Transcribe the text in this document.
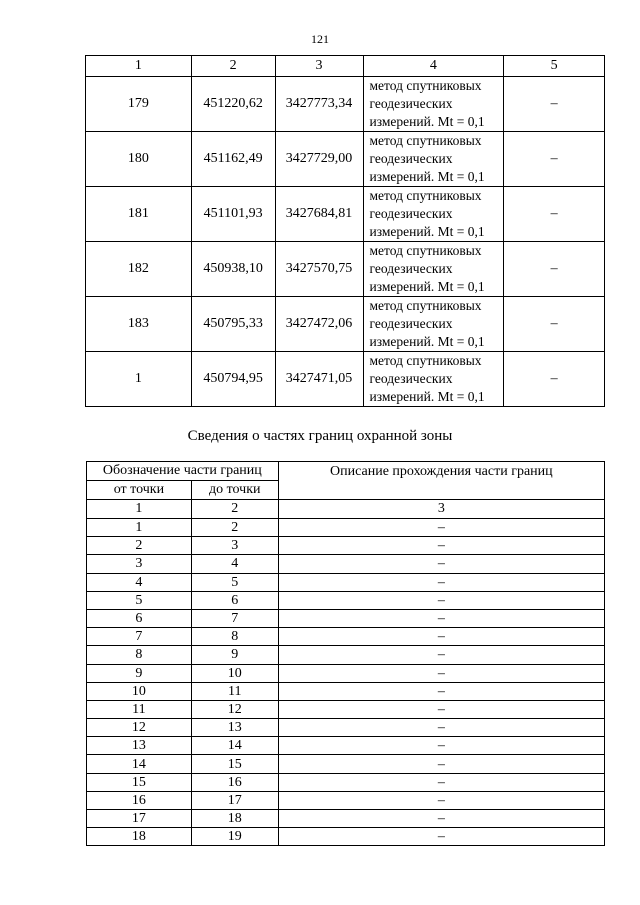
121
1	2	3	4	5
179	451220,62	3427773,34	метод спутниковых
геодезических
измерений. Mt = 0,1	–
180	451162,49	3427729,00	метод спутниковых
геодезических
измерений. Mt = 0,1	–
181	451101,93	3427684,81	метод спутниковых
геодезических
измерений. Mt = 0,1	–
182	450938,10	3427570,75	метод спутниковых
геодезических
измерений. Mt = 0,1	–
183	450795,33	3427472,06	метод спутниковых
геодезических
измерений. Mt = 0,1	–
1	450794,95	3427471,05	метод спутниковых
геодезических
измерений. Mt = 0,1	–
Сведения о частях границ охранной зоны
Обозначение части границ		Описание прохождения части границ
от точки	до точки	
1	2	3
1	2	–
2	3	–
3	4	–
4	5	–
5	6	–
6	7	–
7	8	–
8	9	–
9	10	–
10	11	–
11	12	–
12	13	–
13	14	–
14	15	–
15	16	–
16	17	–
17	18	–
18	19	–
